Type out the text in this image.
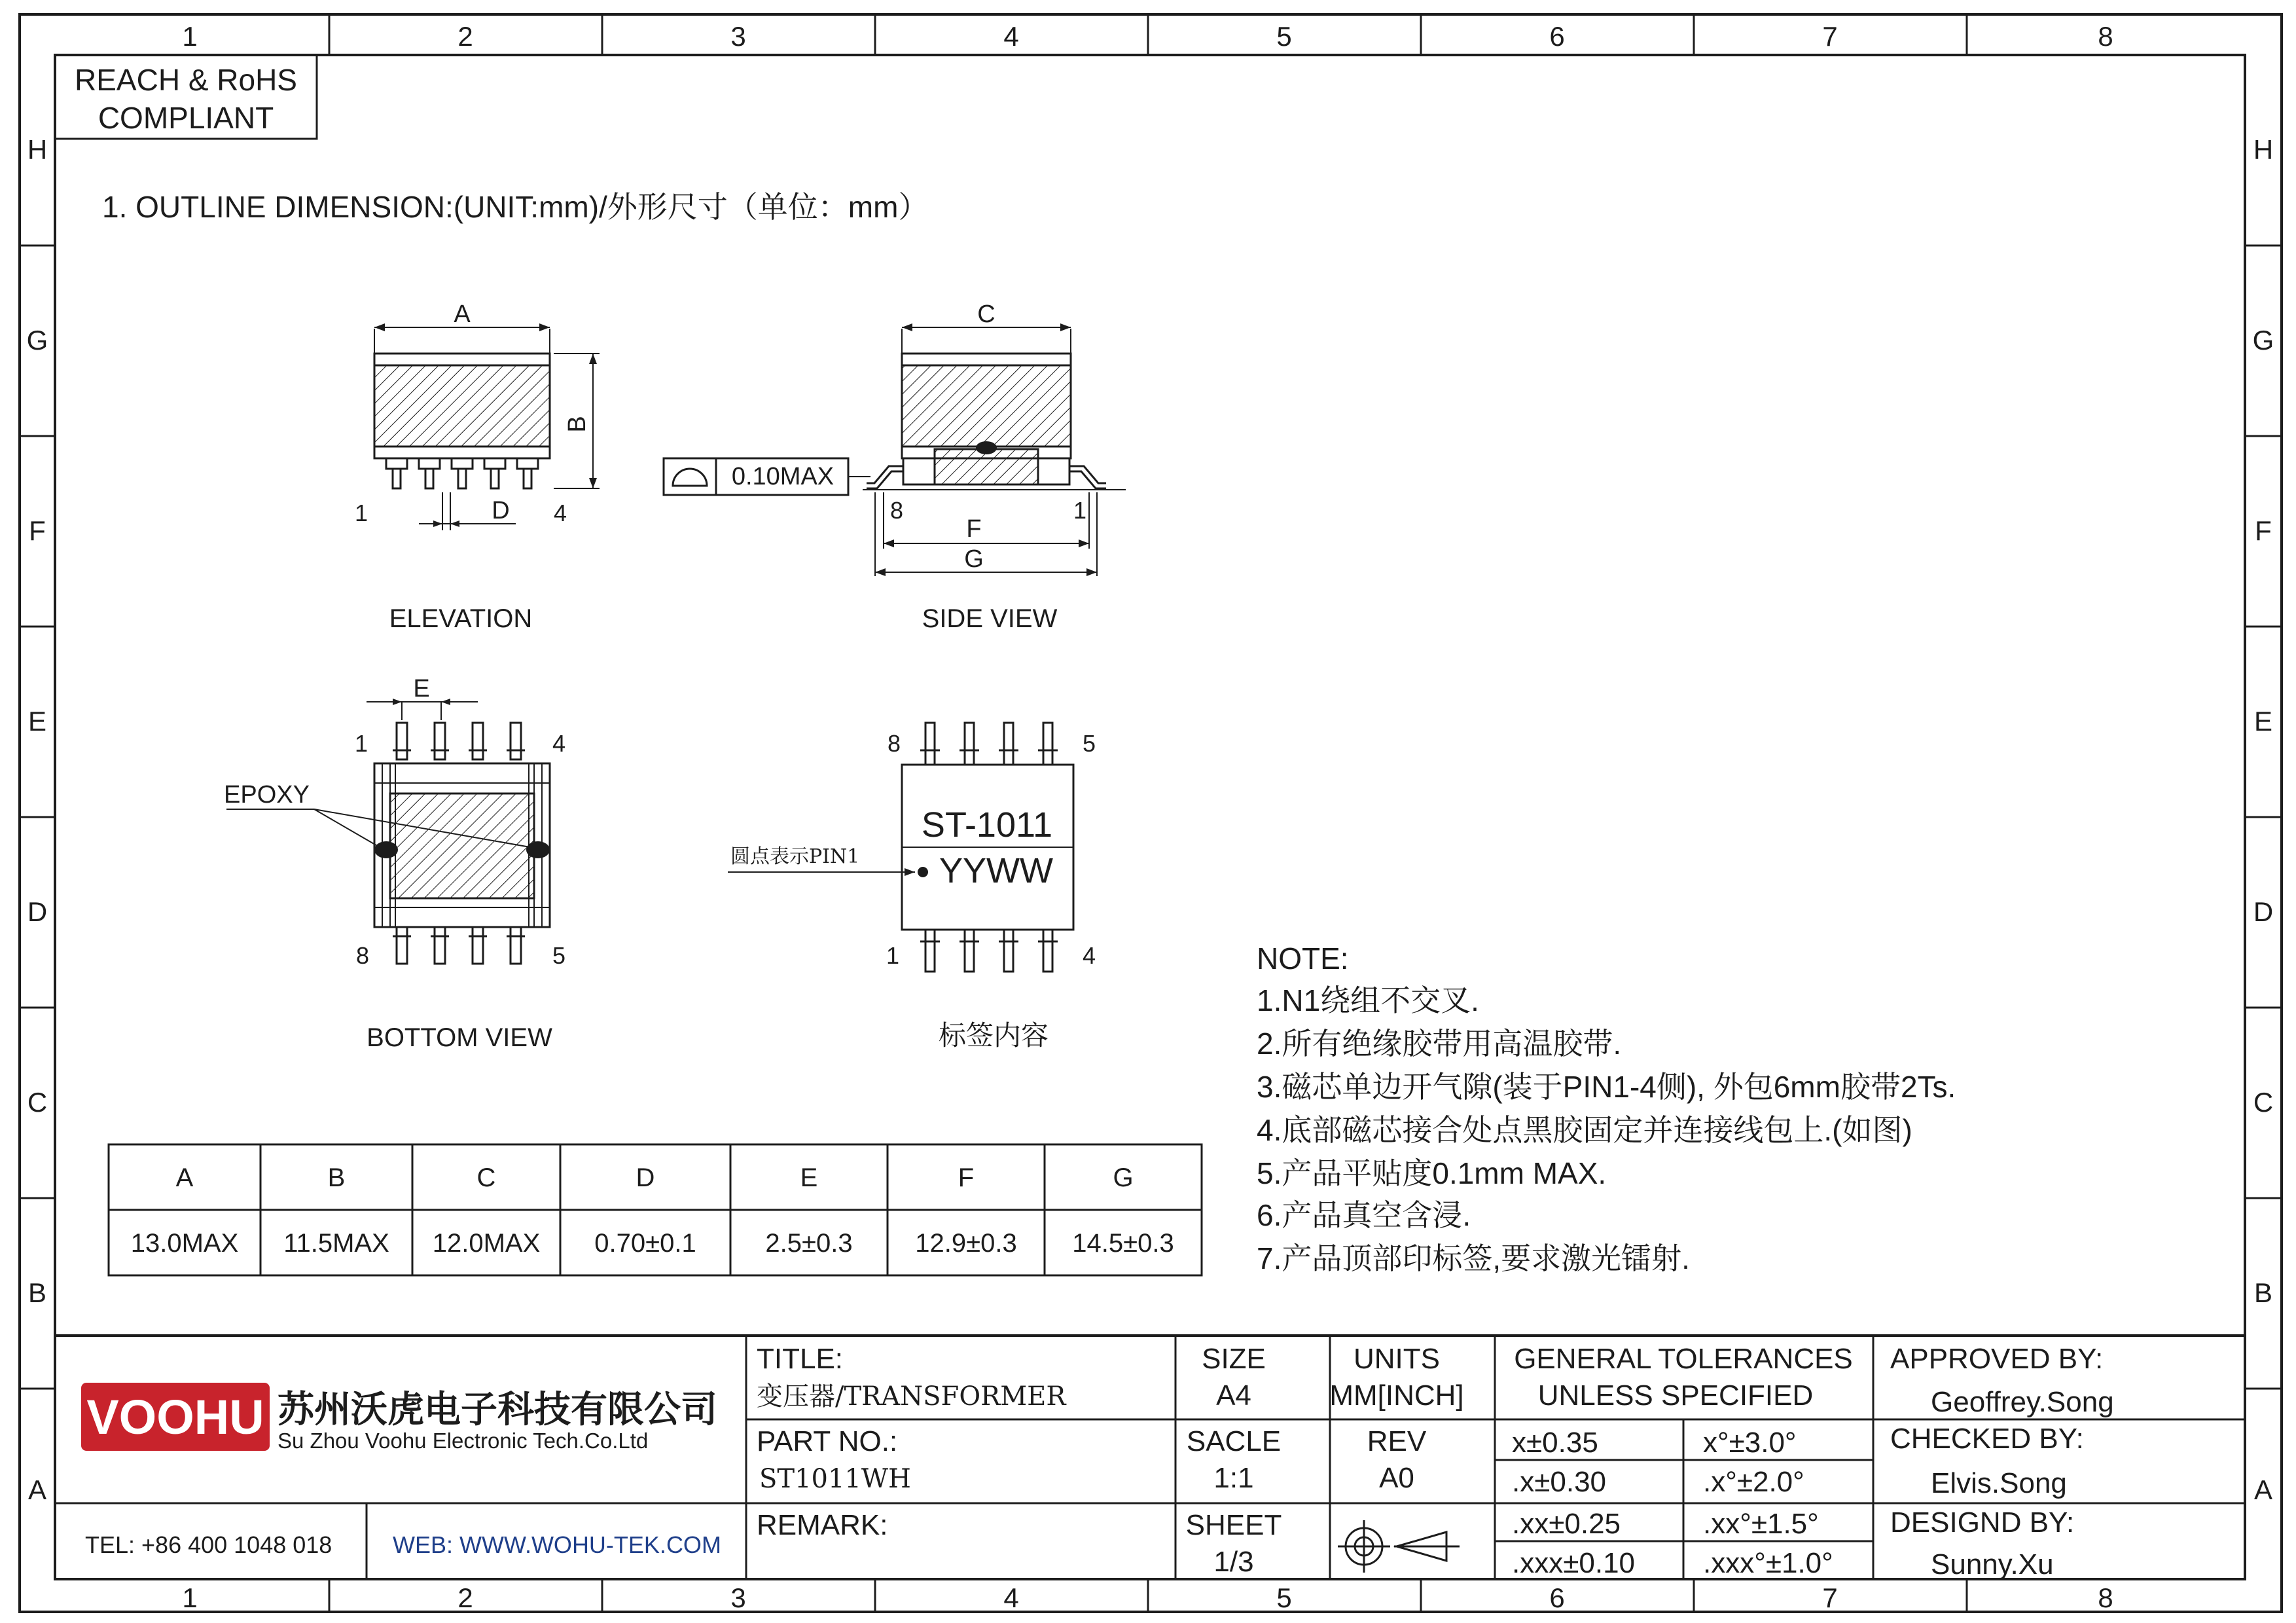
1	2	3	4	5	6	7	8
1	2	3	4	5	6	7	8
H
G
F
E
D
C
B
A
H
G
F
E
D
C
B
A
REACH & RoHS
COMPLIANT
1. OUTLINE DIMENSION:(UNIT:mm)/外形尺寸（单位：mm）
A
B
D
1	4
ELEVATION
0.10MAX
C
F
G
8	1
SIDE VIEW
E
EPOXY
1	4
8	5
BOTTOM VIEW
ST-1011
YYWW
圆点表示PIN1
8	5
1	4
标签内容
A	B	C	D	E	F	G
13.0MAX 11.5MAX 12.0MAX 0.70±0.1	2.5±0.3 12.9±0.3 14.5±0.3
NOTE:
1.N1绕组不交叉.
2.所有绝缘胶带用高温胶带.
3.磁芯单边开气隙(装于PIN1-4侧), 外包6mm胶带2Ts.
4.底部磁芯接合处点黑胶固定并连接线包上.(如图)
5.产品平贴度0.1mm MAX.
6.产品真空含浸.
7.产品顶部印标签,要求激光镭射.
VOOHU 苏州沃虎电子科技有限公司
Su Zhou Voohu Electronic Tech.Co.Ltd
TEL: +86 400 1048 018	WEB: WWW.WOHU-TEK.COM
TITLE:
变压器/TRANSFORMER
PART NO.:
ST1011WH
REMARK:
SIZE
A4
SACLE
1:1
SHEET
1/3
UNITS
MM[INCH]
REV
A0
GENERAL TOLERANCES
UNLESS SPECIFIED
x±0.35	x°±3.0°
.x±0.30	.x°±2.0°
.xx±0.25	.xx°±1.5°
.xxx±0.10 .xxx°±1.0°
APPROVED BY:
Geoffrey.Song
CHECKED BY:
Elvis.Song
DESIGND BY:
Sunny.Xu
